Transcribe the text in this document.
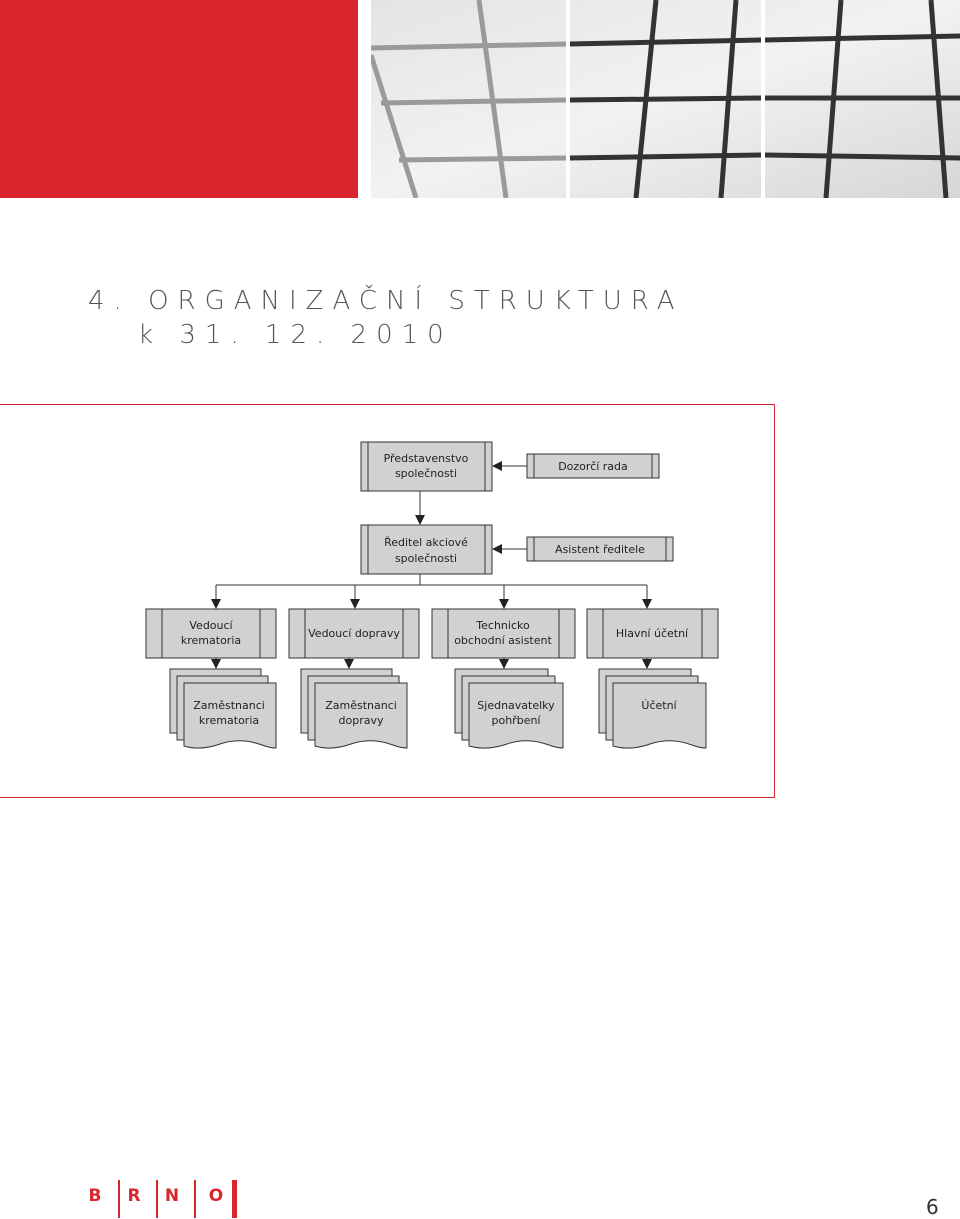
4. ORGANIZAČNÍ STRUKTURA
k 31. 12. 2010
Představenstvo
společnosti
Dozorčí rada
Ředitel akciové
společnosti
Asistent ředitele
Vedoucí
krematoria
Vedoucí dopravy
Technicko
obchodní asistent
Hlavní účetní
Zaměstnanci
krematoria
Zaměstnanci
dopravy
Sjednavatelky
pohřbení
Účetní
B	R	N	O	6
